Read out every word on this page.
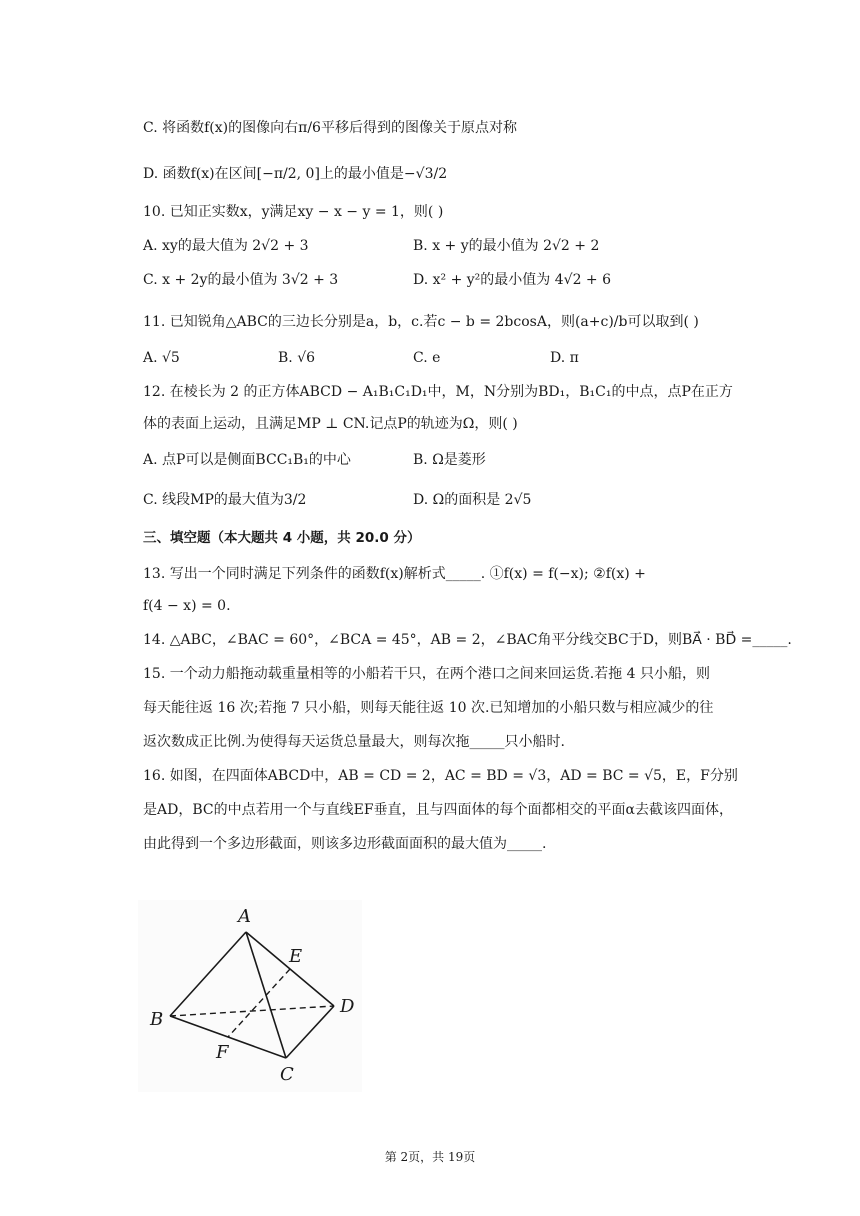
C. 将函数f(x)的图像向右π/6平移后得到的图像关于原点对称
D. 函数f(x)在区间[−π/2, 0]上的最小值是−√3/2
10. 已知正实数x，y满足xy − x − y = 1，则( )
A. xy的最大值为 2√2 + 3	B. x + y的最小值为 2√2 + 2
C. x + 2y的最小值为 3√2 + 3	D. x² + y²的最小值为 4√2 + 6
11. 已知锐角△ABC的三边长分别是a，b，c.若c − b = 2bcosA，则(a+c)/b可以取到( )
A. √5	B. √6	C. e	D. π
12. 在棱长为 2 的正方体ABCD − A₁B₁C₁D₁中，M，N分别为BD₁，B₁C₁的中点，点P在正方
体的表面上运动，且满足MP ⊥ CN.记点P的轨迹为Ω，则( )
A. 点P可以是侧面BCC₁B₁的中心	B. Ω是菱形
C. 线段MP的最大值为3/2	D. Ω的面积是 2√5
三、填空题（本大题共 4 小题，共 20.0 分）
13. 写出一个同时满足下列条件的函数f(x)解析式_____. ①f(x) = f(−x); ②f(x) +
f(4 − x) = 0.
14. △ABC，∠BAC = 60°，∠BCA = 45°，AB = 2，∠BAC角平分线交BC于D，则BA⃗ · BD⃗ =_____.
15. 一个动力船拖动载重量相等的小船若干只，在两个港口之间来回运货.若拖 4 只小船，则
每天能往返 16 次;若拖 7 只小船，则每天能往返 10 次.已知增加的小船只数与相应减少的往
返次数成正比例.为使得每天运货总量最大，则每次拖_____只小船时.
16. 如图，在四面体ABCD中，AB = CD = 2，AC = BD = √3，AD = BC = √5，E，F分别
是AD，BC的中点若用一个与直线EF垂直，且与四面体的每个面都相交的平面α去截该四面体，
由此得到一个多边形截面，则该多边形截面面积的最大值为_____.
A
B
C
D
E
F
第 2页，共 19页
